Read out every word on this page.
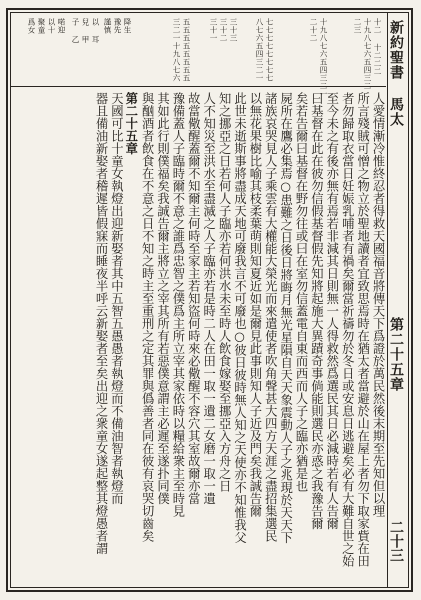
新約聖書 馬太
第二十五章
二十三
十二 十二二二
十九八七六五四三二
二三
十九八七六五四三二一
二十二
七七七七七七七七
八七六五四三二一
三十三
三十二
三十一
五五五五五五五五
三二一十九八七六
降生
豫先
謹慎
以 耳
兒 甲
子 乙
喏迎
以十
聚童
爲女
人愛情漸冷惟終忍者得救天國福音將傳天下爲證於萬民然後末期至先知但以理
所言殘賊可憎之物立於聖地讀者宜致思焉時在猶太者當避於山在屋上者勿下取家貲在田
者勿歸取衣當日妊娠乳哺者有禍矣爾當祈禱勿於冬日或安息日逃避矣必有大難自世之始
至今未之有後亦無有焉若非減其日則無一人得救然爲選民其日必減時若有人告爾
曰基督在此在彼勿信假基督假先知將起施大異蹟奇事倘能則選民亦惑之我豫告爾
矣若告爾曰基督在野勿往或曰在室勿信蓋電自東而西而人子之臨亦猶是也
屍所在鷹必集焉○患難之日後日將晦月無光星隕自天天象震動人子之兆現於天天下
諸族哀哭見人子乘雲有大權能大榮光而來遣使者吹角聲甚大四方天涯之盡招集選民
以無花果樹比喻其枝柔葉萌則知夏近如是爾見此事則知人子近及門矣我誠告爾
此世未逝斯事將盡成天地可廢我言不可廢也○彼日彼時無人知之天使亦不知惟我父
知之挪亞之日若何人子臨亦若何洪水未至時人飲食嫁娶至挪亞入方舟之日
人不知災至洪水至盡滅之人子臨亦若是時二人在田一取一遺二女磨一取一遺
故當儆醒蓋爾不知爾主何時至家主若知盜何時來必儆醒不容穴其室故爾亦當
豫備蓋人子臨時爾不意之誰爲忠智之僕爲主所立宰其家依時以糧給衆主至時見
其如此行則僕福矣我誠告爾主將立之宰其所有若惡僕意謂主必遲至遂扑同僕
與酗酒者飲食在不意之日不知之時主至重刑之定其罪與僞善者同在彼有哀哭切齒矣
第二十五章
天國可比十童女執燈出迎新娶者其中五智五愚愚者執燈而不備油智者執燈而
器且備油新娶者稽遲皆假寐而睡夜半呼云新娶者至矣出迎之衆童女遂起整其燈愚者謂
